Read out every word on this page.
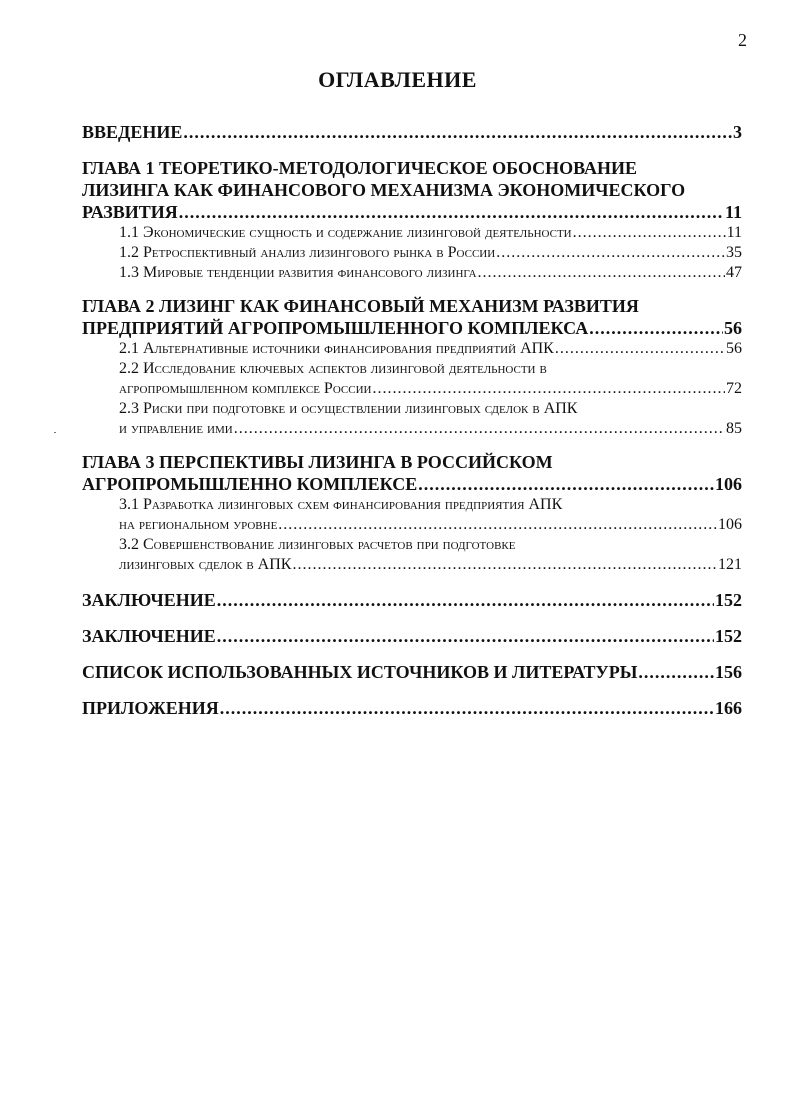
2
ОГЛАВЛЕНИЕ
ВВЕДЕНИЕ .....	3
ГЛАВА 1 ТЕОРЕТИКО-МЕТОДОЛОГИЧЕСКОЕ ОБОСНОВАНИЕ
ЛИЗИНГА КАК ФИНАНСОВОГО МЕХАНИЗМА ЭКОНОМИЧЕСКОГО
РАЗВИТИЯ .....	11
1.1 Экономические сущность и содержание лизинговой деятельности .....	11
1.2 Ретроспективный анализ лизингового рынка в России .....	35
1.3 Мировые тенденции развития финансового лизинга .....	47
ГЛАВА 2 ЛИЗИНГ КАК ФИНАНСОВЫЙ МЕХАНИЗМ РАЗВИТИЯ
ПРЕДПРИЯТИЙ АГРОПРОМЫШЛЕННОГО КОМПЛЕКСА .....	56
2.1 Альтернативные источники финансирования предприятий АПК .....	56
2.2 Исследование ключевых аспектов лизинговой деятельности в
агропромышленном комплексе России .....	72
2.3 Риски при подготовке и осуществлении лизинговых сделок в АПК
и управление ими .....	85
ГЛАВА 3 ПЕРСПЕКТИВЫ ЛИЗИНГА В РОССИЙСКОМ
АГРОПРОМЫШЛЕННО КОМПЛЕКСЕ .....	106
3.1 Разработка лизинговых схем финансирования предприятия АПК
на региональном уровне .....	106
3.2 Совершенствование лизинговых расчетов при подготовке
лизинговых сделок в АПК .....	121
ЗАКЛЮЧЕНИЕ .....	152
ЗАКЛЮЧЕНИЕ .....	152
СПИСОК ИСПОЛЬЗОВАННЫХ ИСТОЧНИКОВ И ЛИТЕРАТУРЫ .....	156
ПРИЛОЖЕНИЯ .....	166
